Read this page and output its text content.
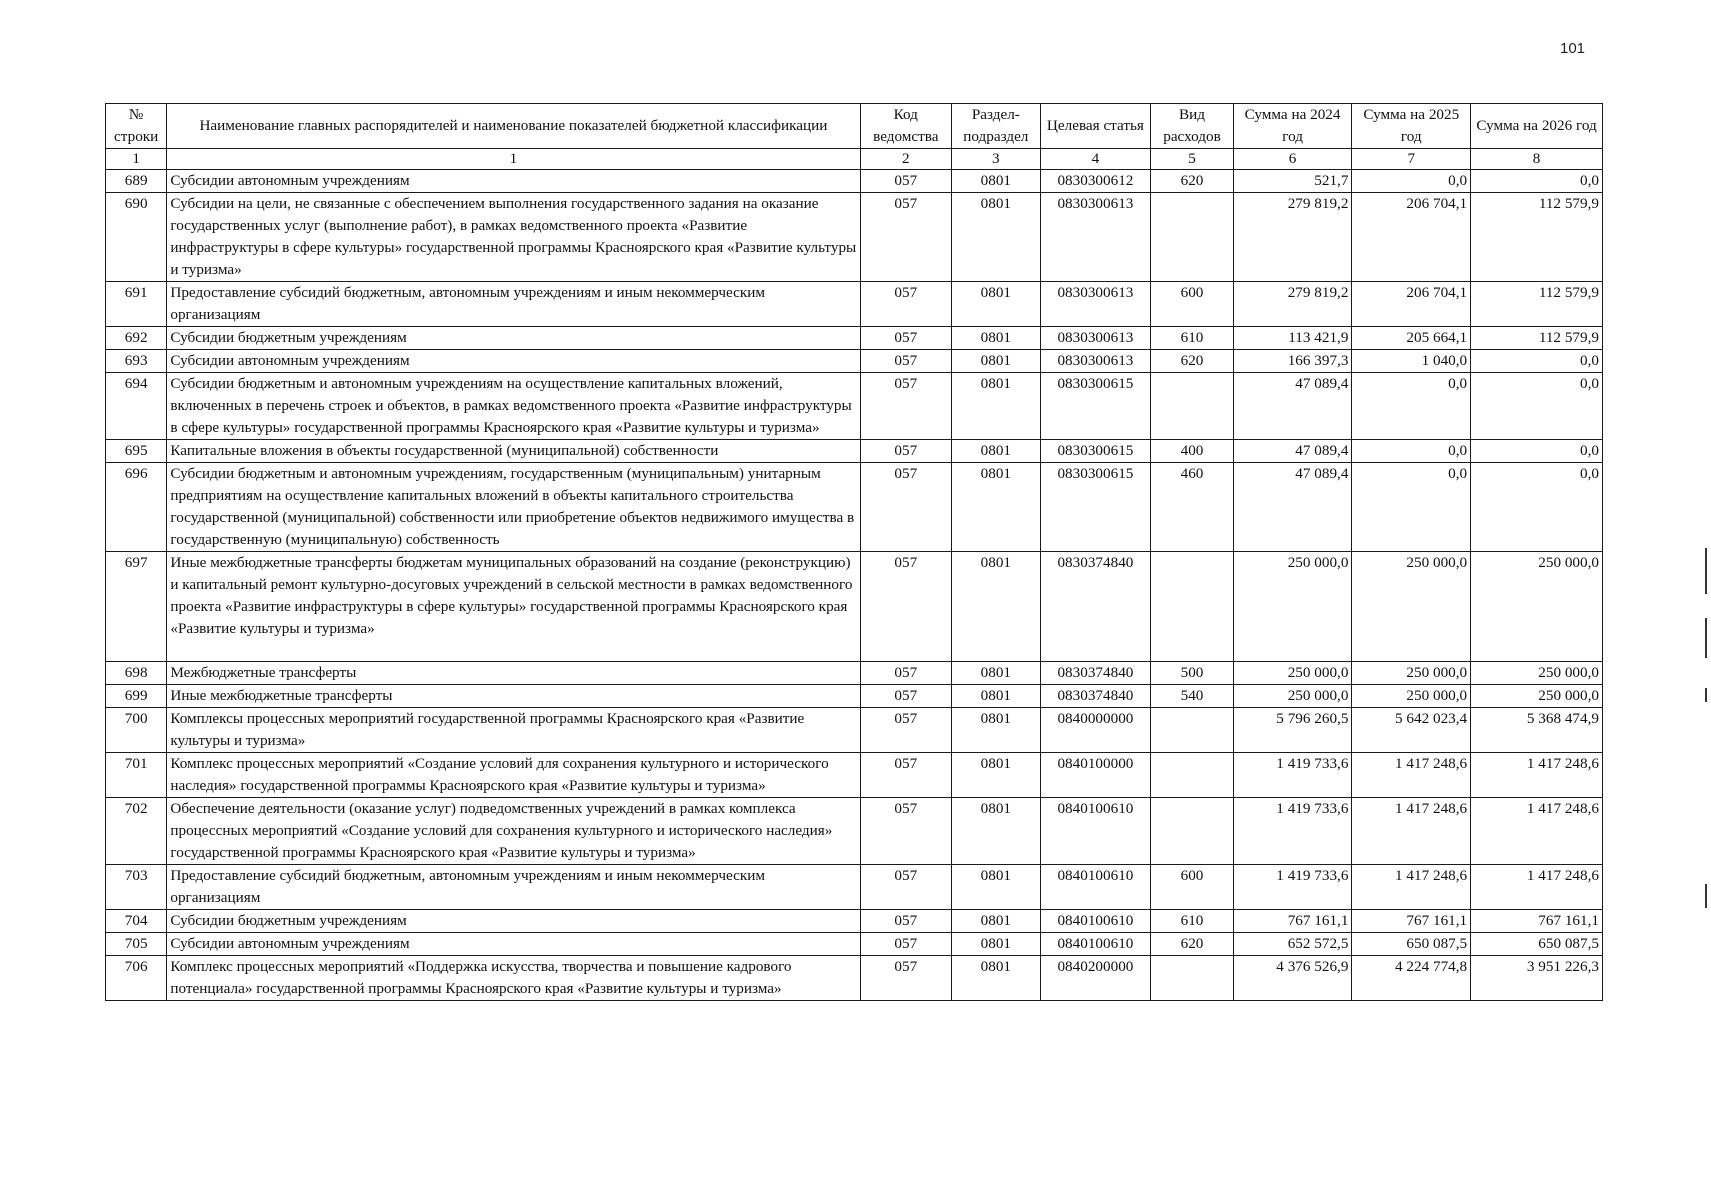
101
№ строки	Наименование главных распорядителей и наименование показателей бюджетной классификации	Код ведомства	Раздел-подраздел	Целевая статья	Вид расходов	Сумма на 2024 год	Сумма на 2025 год	Сумма на 2026 год
1	1	2	3	4	5	6	7	8
689	Субсидии автономным учреждениям	057	0801	0830300612	620	521,7	0,0	0,0
690	Субсидии на цели, не связанные с обеспечением выполнения государственного задания на оказание государственных услуг (выполнение работ), в рамках ведомственного проекта «Развитие инфраструктуры в сфере культуры» государственной программы Красноярского края «Развитие культуры и туризма»	057	0801	0830300613		279 819,2	206 704,1	112 579,9
691	Предоставление субсидий бюджетным, автономным учреждениям и иным некоммерческим организациям	057	0801	0830300613	600	279 819,2	206 704,1	112 579,9
692	Субсидии бюджетным учреждениям	057	0801	0830300613	610	113 421,9	205 664,1	112 579,9
693	Субсидии автономным учреждениям	057	0801	0830300613	620	166 397,3	1 040,0	0,0
694	Субсидии бюджетным и автономным учреждениям на осуществление капитальных вложений, включенных в перечень строек и объектов, в рамках ведомственного проекта «Развитие инфраструктуры в сфере культуры» государственной программы Красноярского края «Развитие культуры и туризма»	057	0801	0830300615		47 089,4	0,0	0,0
695	Капитальные вложения в объекты государственной (муниципальной) собственности	057	0801	0830300615	400	47 089,4	0,0	0,0
696	Субсидии бюджетным и автономным учреждениям, государственным (муниципальным) унитарным предприятиям на осуществление капитальных вложений в объекты капитального строительства государственной (муниципальной) собственности или приобретение объектов недвижимого имущества в государственную (муниципальную) собственность	057	0801	0830300615	460	47 089,4	0,0	0,0
697	Иные межбюджетные трансферты бюджетам муниципальных образований на создание (реконструкцию) и капитальный ремонт культурно-досуговых учреждений в сельской местности в рамках ведомственного проекта «Развитие инфраструктуры в сфере культуры» государственной программы Красноярского края «Развитие культуры и туризма»	057	0801	0830374840		250 000,0	250 000,0	250 000,0
698	Межбюджетные трансферты	057	0801	0830374840	500	250 000,0	250 000,0	250 000,0
699	Иные межбюджетные трансферты	057	0801	0830374840	540	250 000,0	250 000,0	250 000,0
700	Комплексы процессных мероприятий государственной программы Красноярского края «Развитие культуры и туризма»	057	0801	0840000000		5 796 260,5	5 642 023,4	5 368 474,9
701	Комплекс процессных мероприятий «Создание условий для сохранения культурного и исторического наследия» государственной программы Красноярского края «Развитие культуры и туризма»	057	0801	0840100000		1 419 733,6	1 417 248,6	1 417 248,6
702	Обеспечение деятельности (оказание услуг) подведомственных учреждений в рамках комплекса процессных мероприятий «Создание условий для сохранения культурного и исторического наследия» государственной программы Красноярского края «Развитие культуры и туризма»	057	0801	0840100610		1 419 733,6	1 417 248,6	1 417 248,6
703	Предоставление субсидий бюджетным, автономным учреждениям и иным некоммерческим организациям	057	0801	0840100610	600	1 419 733,6	1 417 248,6	1 417 248,6
704	Субсидии бюджетным учреждениям	057	0801	0840100610	610	767 161,1	767 161,1	767 161,1
705	Субсидии автономным учреждениям	057	0801	0840100610	620	652 572,5	650 087,5	650 087,5
706	Комплекс процессных мероприятий «Поддержка искусства, творчества и повышение кадрового потенциала» государственной программы Красноярского края «Развитие культуры и туризма»	057	0801	0840200000		4 376 526,9	4 224 774,8	3 951 226,3
